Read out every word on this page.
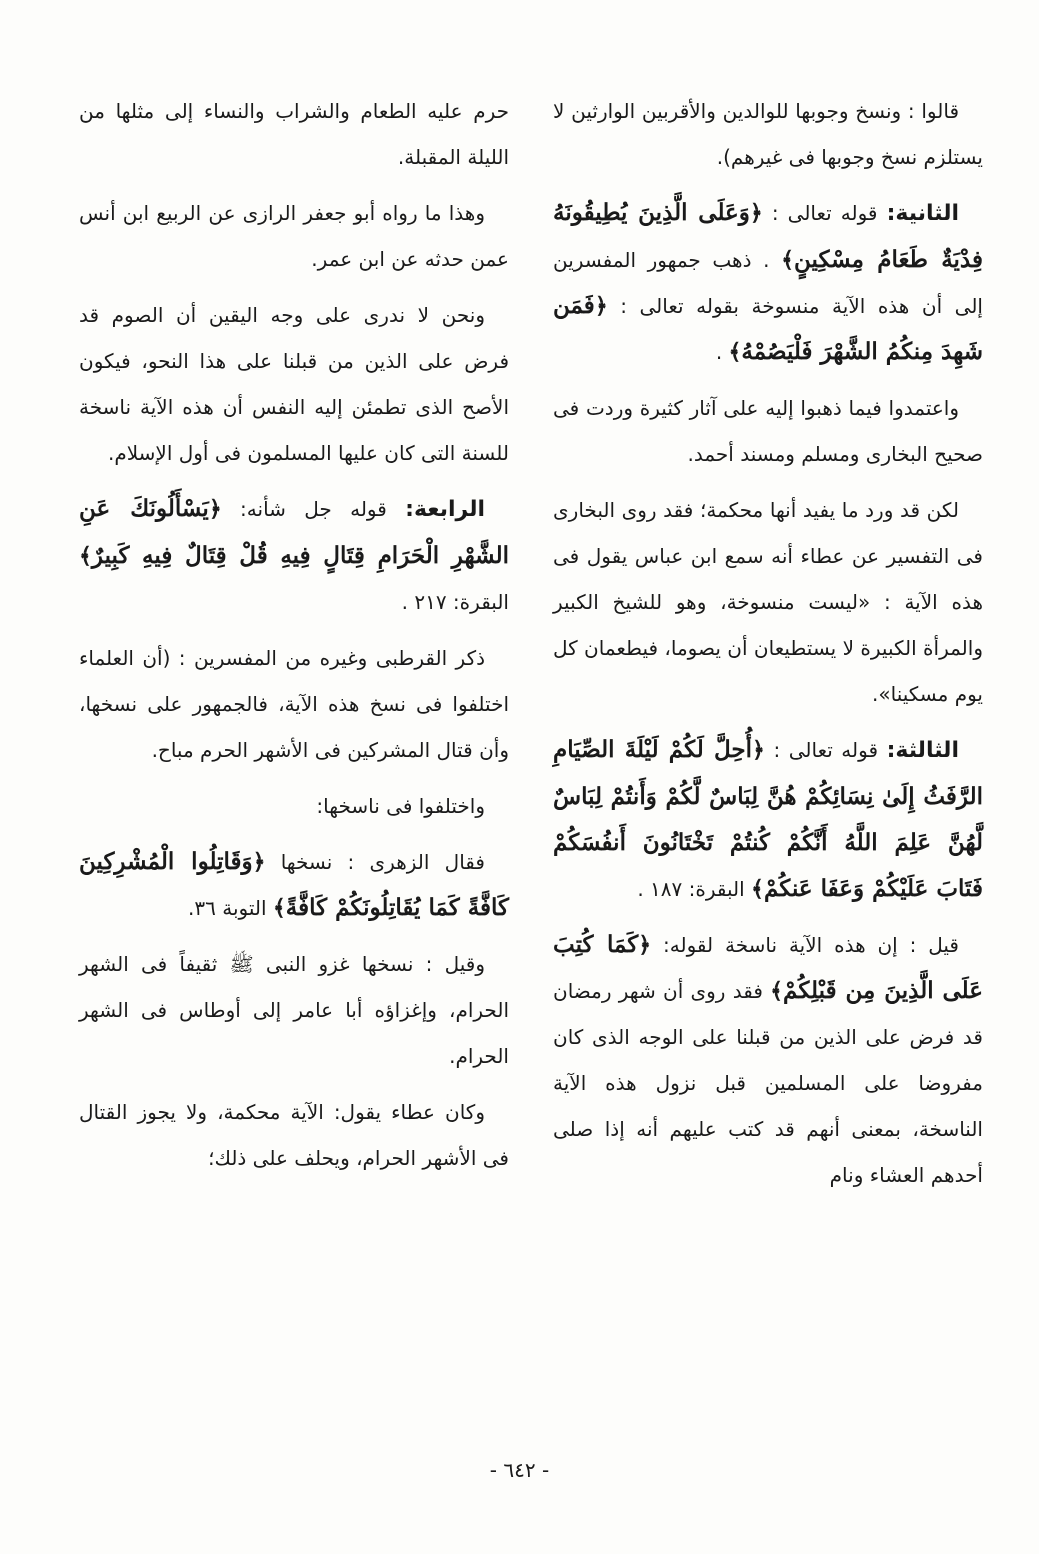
قالوا : ونسخ وجوبها للوالدين والأقربين الوارثين لا يستلزم نسخ وجوبها فى غيرهم).

الثانية: قوله تعالى : ﴿وَعَلَى الَّذِينَ يُطِيقُونَهُ فِدْيَةٌ طَعَامُ مِسْكِينٍ﴾ . ذهب جمهور المفسرين إلى أن هذه الآية منسوخة بقوله تعالى : ﴿فَمَن شَهِدَ مِنكُمُ الشَّهْرَ فَلْيَصُمْهُ﴾ .

واعتمدوا فيما ذهبوا إليه على آثار كثيرة وردت فى صحيح البخارى ومسلم ومسند أحمد.

لكن قد ورد ما يفيد أنها محكمة؛ فقد روى البخارى فى التفسير عن عطاء أنه سمع ابن عباس يقول فى هذه الآية : «ليست منسوخة، وهو للشيخ الكبير والمرأة الكبيرة لا يستطيعان أن يصوما، فيطعمان كل يوم مسكينا».

الثالثة: قوله تعالى : ﴿أُحِلَّ لَكُمْ لَيْلَةَ الصِّيَامِ الرَّفَثُ إِلَىٰ نِسَائِكُمْ هُنَّ لِبَاسٌ لَّكُمْ وَأَنتُمْ لِبَاسٌ لَّهُنَّ عَلِمَ اللَّهُ أَنَّكُمْ كُنتُمْ تَخْتَانُونَ أَنفُسَكُمْ فَتَابَ عَلَيْكُمْ وَعَفَا عَنكُمْ﴾ البقرة: ١٨٧ .

قيل : إن هذه الآية ناسخة لقوله: ﴿كَمَا كُتِبَ عَلَى الَّذِينَ مِن قَبْلِكُمْ﴾ فقد روى أن شهر رمضان قد فرض على الذين من قبلنا على الوجه الذى كان مفروضا على المسلمين قبل نزول هذه الآية الناسخة، بمعنى أنهم قد كتب عليهم أنه إذا صلى أحدهم العشاء ونام

حرم عليه الطعام والشراب والنساء إلى مثلها من الليلة المقبلة.

وهذا ما رواه أبو جعفر الرازى عن الربيع ابن أنس عمن حدثه عن ابن عمر.

ونحن لا ندرى على وجه اليقين أن الصوم قد فرض على الذين من قبلنا على هذا النحو، فيكون الأصح الذى تطمئن إليه النفس أن هذه الآية ناسخة للسنة التى كان عليها المسلمون فى أول الإسلام.

الرابعة: قوله جل شأنه: ﴿يَسْأَلُونَكَ عَنِ الشَّهْرِ الْحَرَامِ قِتَالٍ فِيهِ قُلْ قِتَالٌ فِيهِ كَبِيرٌ﴾ البقرة: ٢١٧ .

ذكر القرطبى وغيره من المفسرين : (أن العلماء اختلفوا فى نسخ هذه الآية، فالجمهور على نسخها، وأن قتال المشركين فى الأشهر الحرم مباح.

واختلفوا فى ناسخها:

فقال الزهرى : نسخها ﴿وَقَاتِلُوا الْمُشْرِكِينَ كَافَّةً كَمَا يُقَاتِلُونَكُمْ كَافَّةً﴾ التوبة ٣٦.

وقيل : نسخها غزو النبى ﷺ ثقيفاً فى الشهر الحرام، وإغزاؤه أبا عامر إلى أوطاس فى الشهر الحرام.

وكان عطاء يقول: الآية محكمة، ولا يجوز القتال فى الأشهر الحرام، ويحلف على ذلك؛

- ٦٤٢ -
